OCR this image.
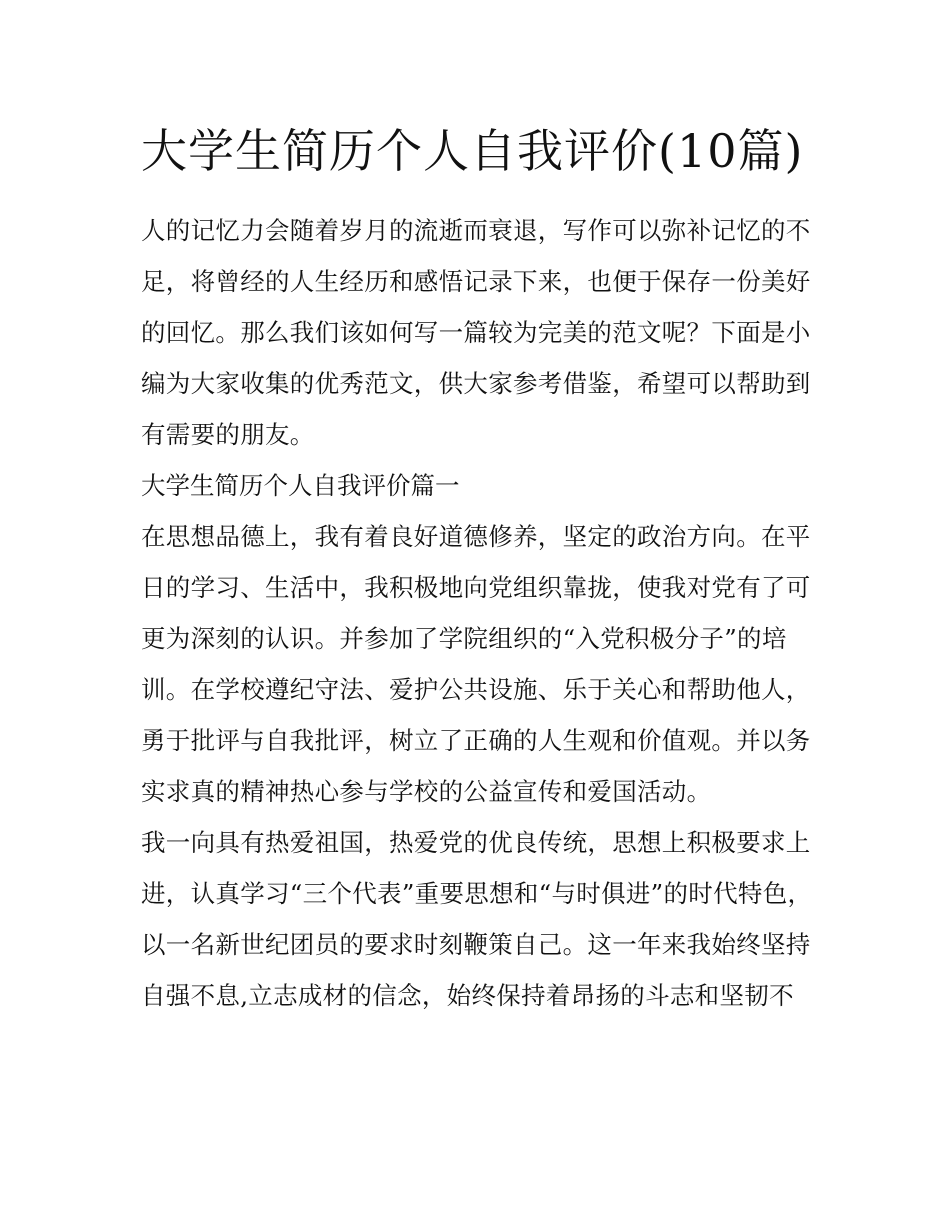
大学生简历个人自我评价(10篇)

人的记忆力会随着岁月的流逝而衰退，写作可以弥补记忆的不足，将曾经的人生经历和感悟记录下来，也便于保存一份美好的回忆。那么我们该如何写一篇较为完美的范文呢？下面是小编为大家收集的优秀范文，供大家参考借鉴，希望可以帮助到有需要的朋友。

大学生简历个人自我评价篇一

在思想品德上，我有着良好道德修养，坚定的政治方向。在平日的学习、生活中，我积极地向党组织靠拢，使我对党有了可更为深刻的认识。并参加了学院组织的“入党积极分子”的培训。在学校遵纪守法、爱护公共设施、乐于关心和帮助他人，勇于批评与自我批评，树立了正确的人生观和价值观。并以务实求真的精神热心参与学校的公益宣传和爱国活动。

我一向具有热爱祖国，热爱党的优良传统，思想上积极要求上进，认真学习“三个代表”重要思想和“与时俱进”的时代特色，以一名新世纪团员的要求时刻鞭策自己。这一年来我始终坚持自强不息,立志成材的信念，始终保持着昂扬的斗志和坚韧不
